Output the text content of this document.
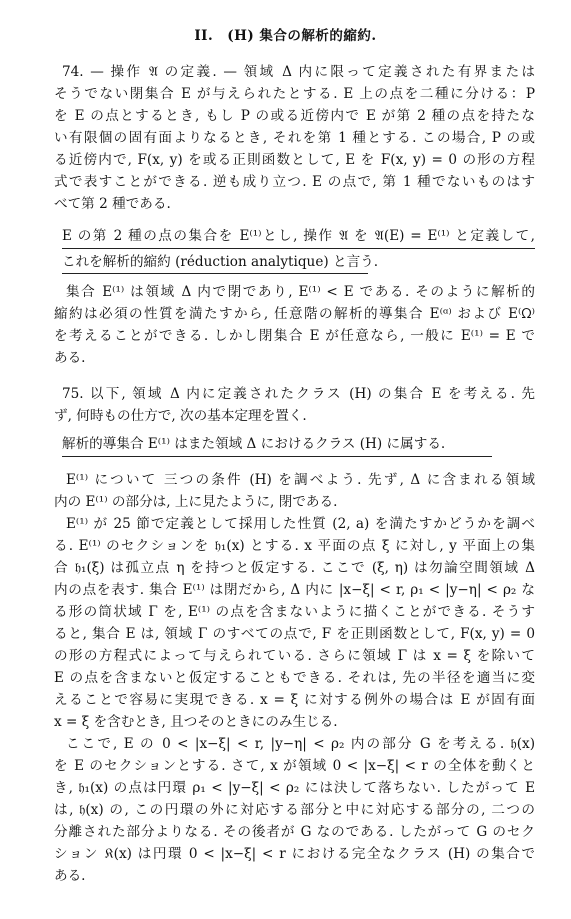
II.　(H) 集合の解析的縮約.
74. — 操作 𝔄 の定義. — 領域 Δ 内に限って定義された有界または
そうでない閉集合 E が与えられたとする. E 上の点を二種に分ける：P
を E の点とするとき, もし P の或る近傍内で E が第 2 種の点を持たな
い有限個の固有面よりなるとき, それを第 1 種とする. この場合, P の或
る近傍内で, F(x, y) を或る正則函数として, E を F(x, y) = 0 の形の方程
式で表すことができる. 逆も成り立つ. E の点で, 第 1 種でないものはす
べて第 2 種である.
E の第 2 種の点の集合を E⁽¹⁾とし, 操作 𝔄 を 𝔄(E) = E⁽¹⁾ と定義して,
これを解析的縮約 (réduction analytique) と言う.
集合 E⁽¹⁾ は領域 Δ 内で閉であり, E⁽¹⁾ < E である. そのように解析的
縮約は必須の性質を満たすから, 任意階の解析的導集合 E⁽ᵅ⁾ および E⁽ᘯ⁾
を考えることができる. しかし閉集合 E が任意なら, 一般に E⁽¹⁾ = E で
ある.
75. 以下, 領域 Δ 内に定義されたクラス (H) の集合 E を考える. 先
ず, 何時もの仕方で, 次の基本定理を置く.
解析的導集合 E⁽¹⁾ はまた領域 Δ におけるクラス (H) に属する.
E⁽¹⁾ について 三つの条件 (H) を調べよう. 先ず, Δ に含まれる領域
内の E⁽¹⁾ の部分は, 上に見たように, 閉である.
E⁽¹⁾ が 25 節で定義として採用した性質 (2, a) を満たすかどうかを調べ
る. E⁽¹⁾ のセクションを 𝔥₁(x) とする. x 平面の点 ξ に対し, y 平面上の集
合 𝔥₁(ξ) は孤立点 η を持つと仮定する. ここで (ξ, η) は勿論空間領域 Δ
内の点を表す. 集合 E⁽¹⁾ は閉だから, Δ 内に |x−ξ| < r, ρ₁ < |y−η| < ρ₂ な
る形の筒状域 Γ を, E⁽¹⁾ の点を含まないように描くことができる. そうす
ると, 集合 E は, 領域 Γ のすべての点で, F を正則函数として, F(x, y) = 0
の形の方程式によって与えられている. さらに領域 Γ は x = ξ を除いて
E の点を含まないと仮定することもできる. それは, 先の半径を適当に変
えることで容易に実現できる. x = ξ に対する例外の場合は E が固有面
x = ξ を含むとき, 且つそのときにのみ生じる.
ここで, E の 0 < |x−ξ| < r, |y−η| < ρ₂ 内の部分 G を考える. 𝔥(x)
を E のセクションとする. さて, x が領域 0 < |x−ξ| < r の全体を動くと
き, 𝔥₁(x) の点は円環 ρ₁ < |y−ξ| < ρ₂ には決して落ちない. したがって E
は, 𝔥(x) の, この円環の外に対応する部分と中に対応する部分の, 二つの
分離された部分よりなる. その後者が G なのである. したがって G のセク
ション 𝔎(x) は円環 0 < |x−ξ| < r における完全なクラス (H) の集合で
ある.
